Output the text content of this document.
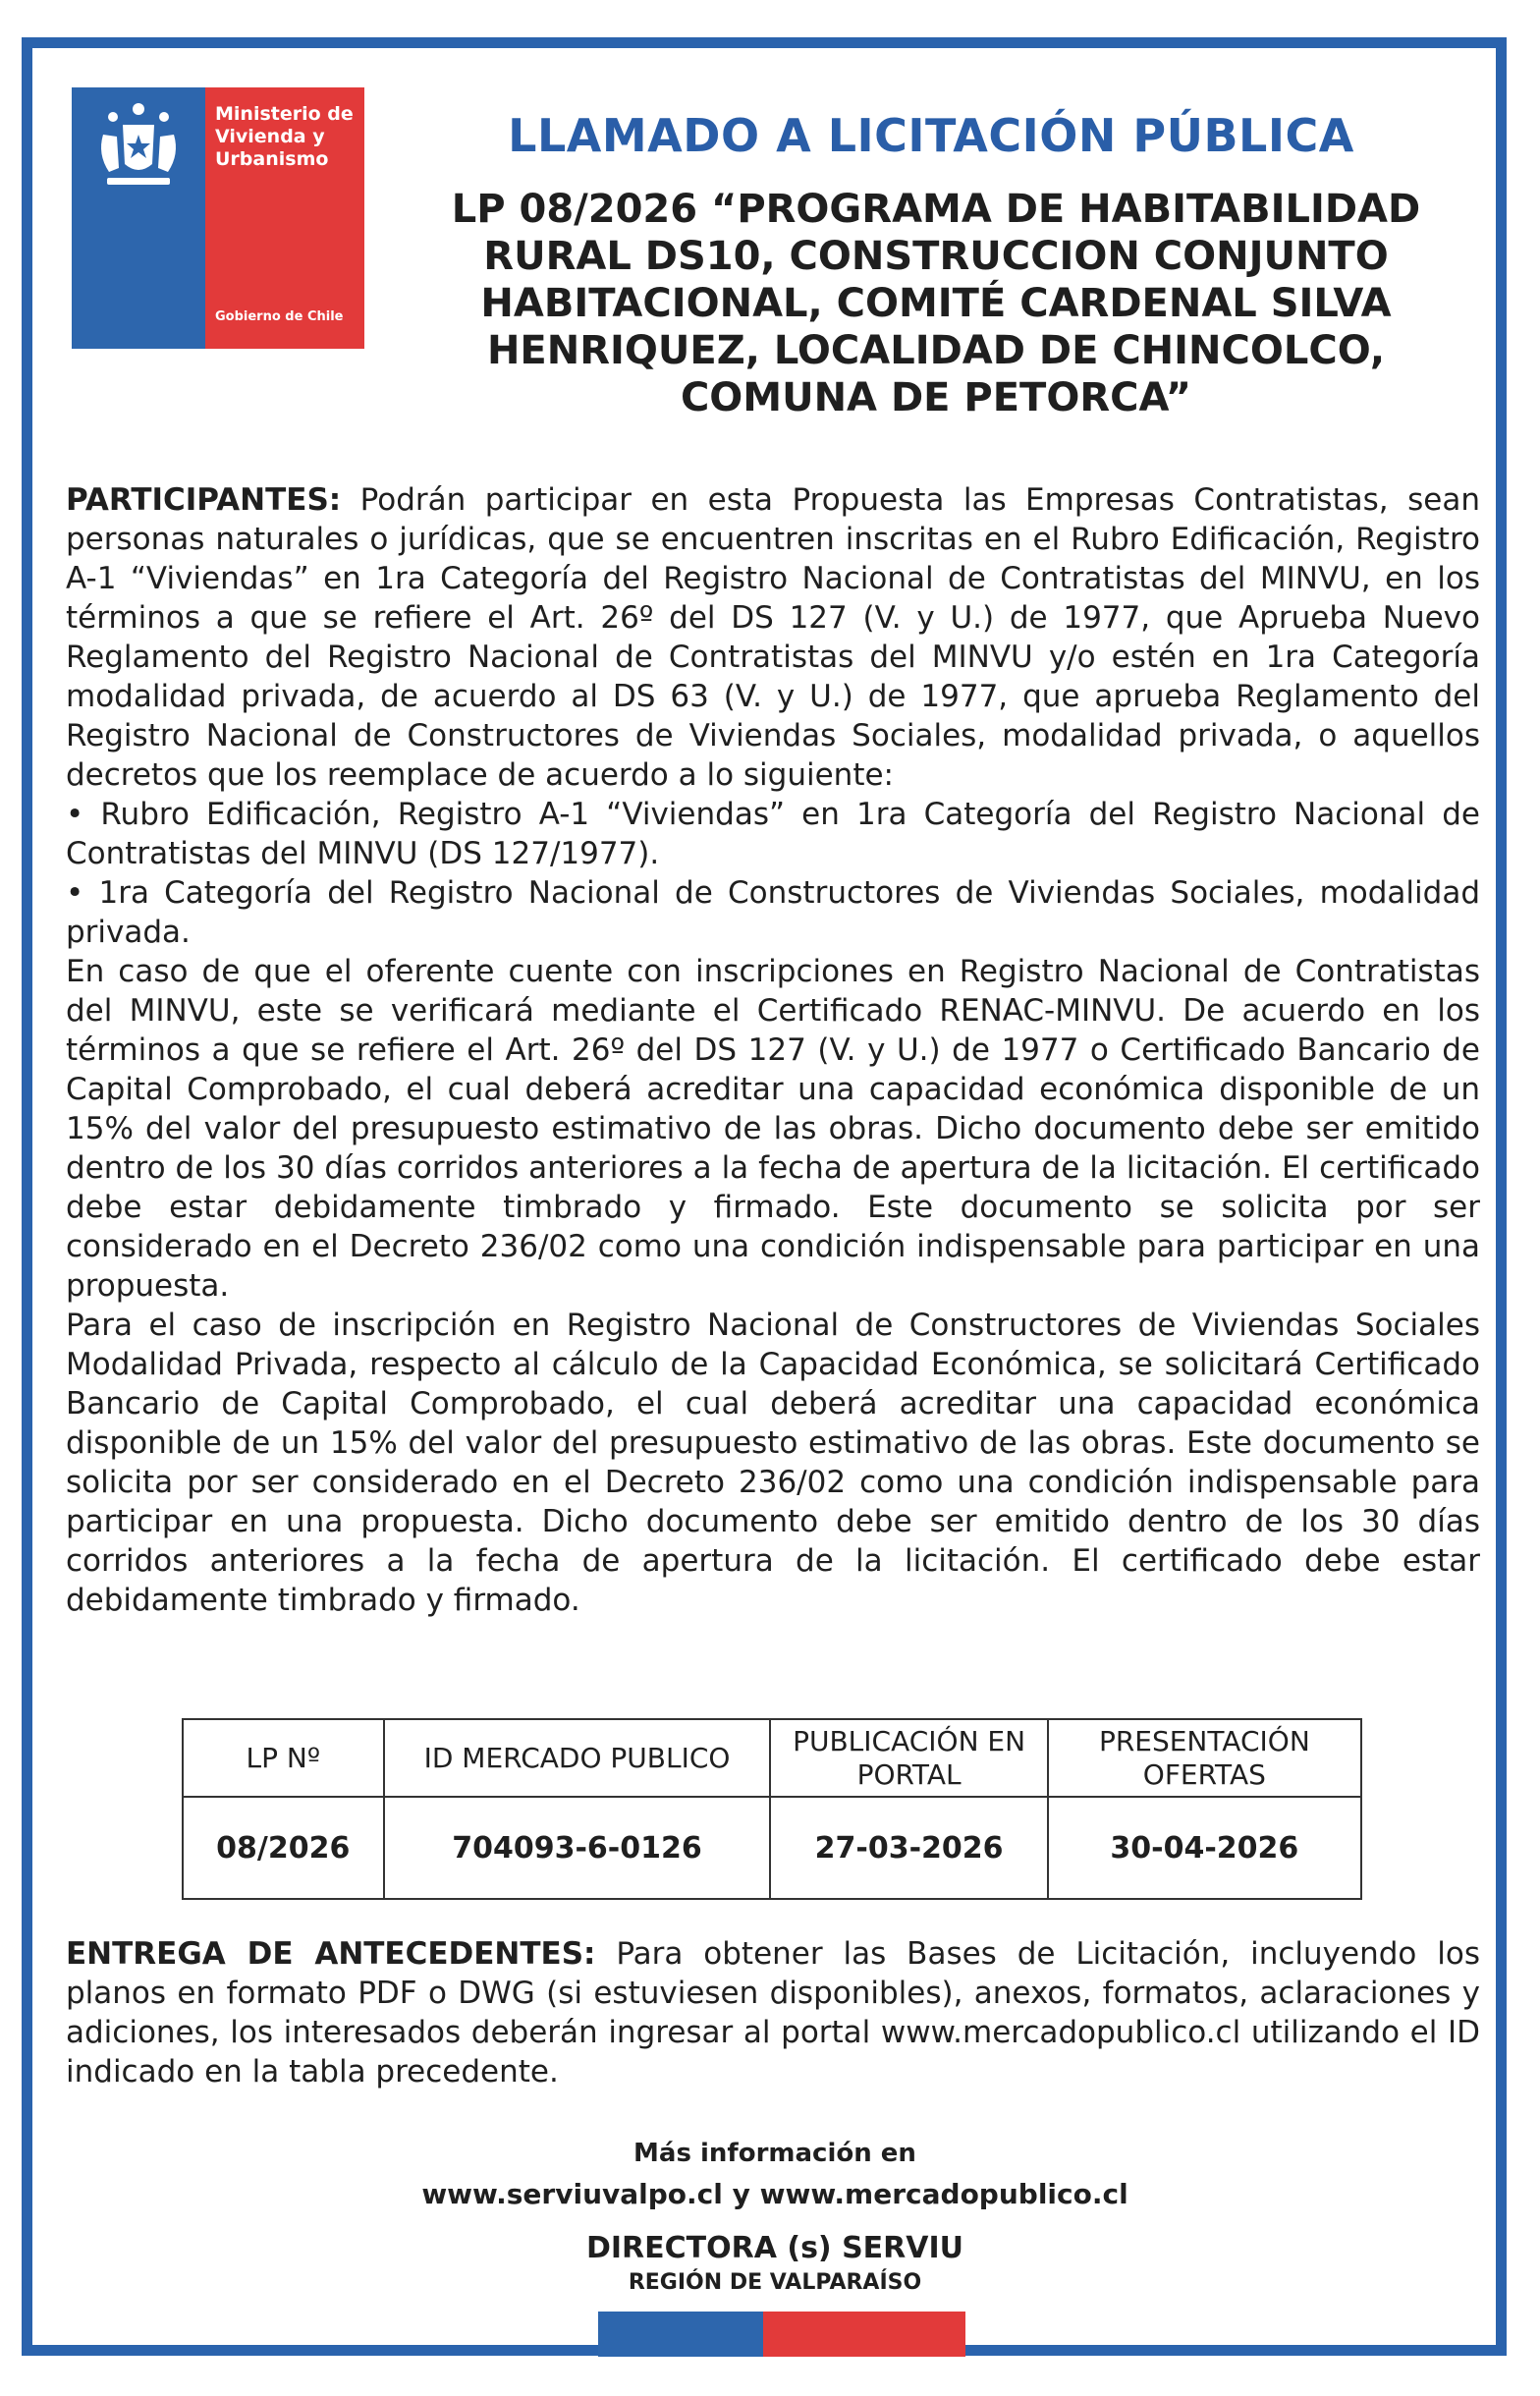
Ministerio de
Vivienda y
Urbanismo
Gobierno de Chile
LLAMADO A LICITACIÓN PÚBLICA
LP 08/2026 “PROGRAMA DE HABITABILIDAD
RURAL DS10, CONSTRUCCION CONJUNTO
HABITACIONAL, COMITÉ CARDENAL SILVA
HENRIQUEZ, LOCALIDAD DE CHINCOLCO,
COMUNA DE PETORCA”

PARTICIPANTES: Podrán participar en esta Propuesta las Empresas Contratistas, sean personas naturales o jurídicas, que se encuentren inscritas en el Rubro Edificación, Registro A-1 “Viviendas” en 1ra Categoría del Registro Nacional de Contratistas del MINVU, en los términos a que se refiere el Art. 26º del DS 127 (V. y U.) de 1977, que Aprueba Nuevo Reglamento del Registro Nacional de Contratistas del MINVU y/o estén en 1ra Categoría modalidad privada, de acuerdo al DS 63 (V. y U.) de 1977, que aprueba Reglamento del Registro Nacional de Constructores de Viviendas Sociales, modalidad privada, o aquellos decretos que los reemplace de acuerdo a lo siguiente:

• Rubro Edificación, Registro A-1 “Viviendas” en 1ra Categoría del Registro Nacional de Contratistas del MINVU (DS 127/1977).

• 1ra Categoría del Registro Nacional de Constructores de Viviendas Sociales, modalidad privada.

En caso de que el oferente cuente con inscripciones en Registro Nacional de Contratistas del MINVU, este se verificará mediante el Certificado RENAC-MINVU. De acuerdo en los términos a que se refiere el Art. 26º del DS 127 (V. y U.) de 1977 o Certificado Bancario de Capital Comprobado, el cual deberá acreditar una capacidad económica disponible de un 15% del valor del presupuesto estimativo de las obras. Dicho documento debe ser emitido dentro de los 30 días corridos anteriores a la fecha de apertura de la licitación. El certificado debe estar debidamente timbrado y firmado. Este documento se solicita por ser considerado en el Decreto 236/02 como una condición indispensable para participar en una propuesta.

Para el caso de inscripción en Registro Nacional de Constructores de Viviendas Sociales Modalidad Privada, respecto al cálculo de la Capacidad Económica, se solicitará Certificado Bancario de Capital Comprobado, el cual deberá acreditar una capacidad económica disponible de un 15% del valor del presupuesto estimativo de las obras. Este documento se solicita por ser considerado en el Decreto 236/02 como una condición indispensable para participar en una propuesta. Dicho documento debe ser emitido dentro de los 30 días corridos anteriores a la fecha de apertura de la licitación. El certificado debe estar debidamente timbrado y firmado.

LP Nº	ID MERCADO PUBLICO	PUBLICACIÓN EN PORTAL	PRESENTACIÓN OFERTAS
08/2026	704093-6-0126	27-03-2026	30-04-2026
ENTREGA DE ANTECEDENTES: Para obtener las Bases de Licitación, incluyendo los planos en formato PDF o DWG (si estuviesen disponibles), anexos, formatos, aclaraciones y adiciones, los interesados deberán ingresar al portal www.mercadopublico.cl utilizando el ID indicado en la tabla precedente.
Más información en
www.serviuvalpo.cl y www.mercadopublico.cl
DIRECTORA (s) SERVIU
REGIÓN DE VALPARAÍSO
